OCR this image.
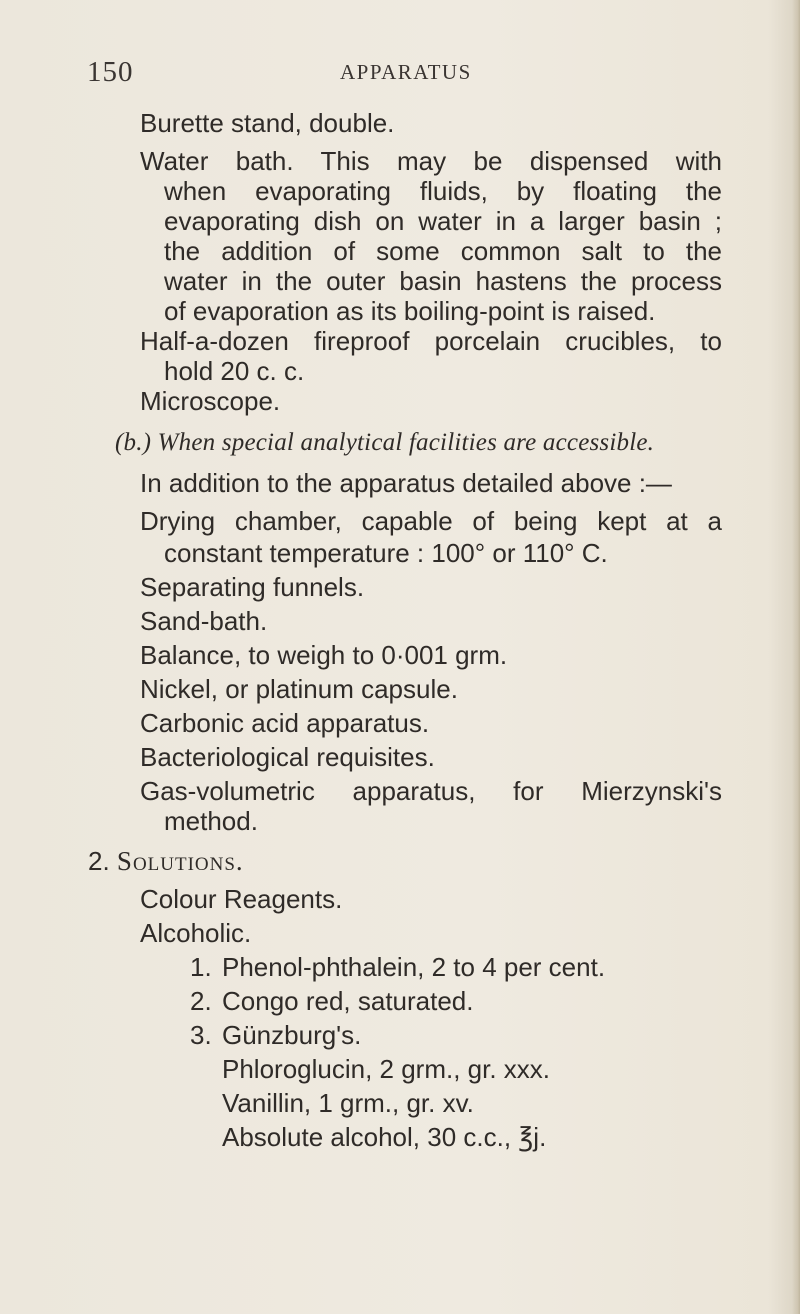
150	APPARATUS
Burette stand, double.
Water bath. This may be dispensed with
when evaporating fluids, by floating the
evaporating dish on water in a larger basin ;
the addition of some common salt to the
water in the outer basin hastens the process
of evaporation as its boiling-point is raised.
Half-a-dozen fireproof porcelain crucibles, to
hold 20 c. c.
Microscope.
(b.) When special analytical facilities are accessible.
In addition to the apparatus detailed above :—
Drying chamber, capable of being kept at a
constant temperature : 100° or 110° C.
Separating funnels.
Sand-bath.
Balance, to weigh to 0·001 grm.
Nickel, or platinum capsule.
Carbonic acid apparatus.
Bacteriological requisites.
Gas-volumetric apparatus, for Mierzynski's
method.
2. Solutions.
Colour Reagents.
Alcoholic.
1. Phenol-phthalein, 2 to 4 per cent.
2. Congo red, saturated.
3. Günzburg's.
Phloroglucin, 2 grm., gr. xxx.
Vanillin, 1 grm., gr. xv.
Absolute alcohol, 30 c.c., ℥j.
